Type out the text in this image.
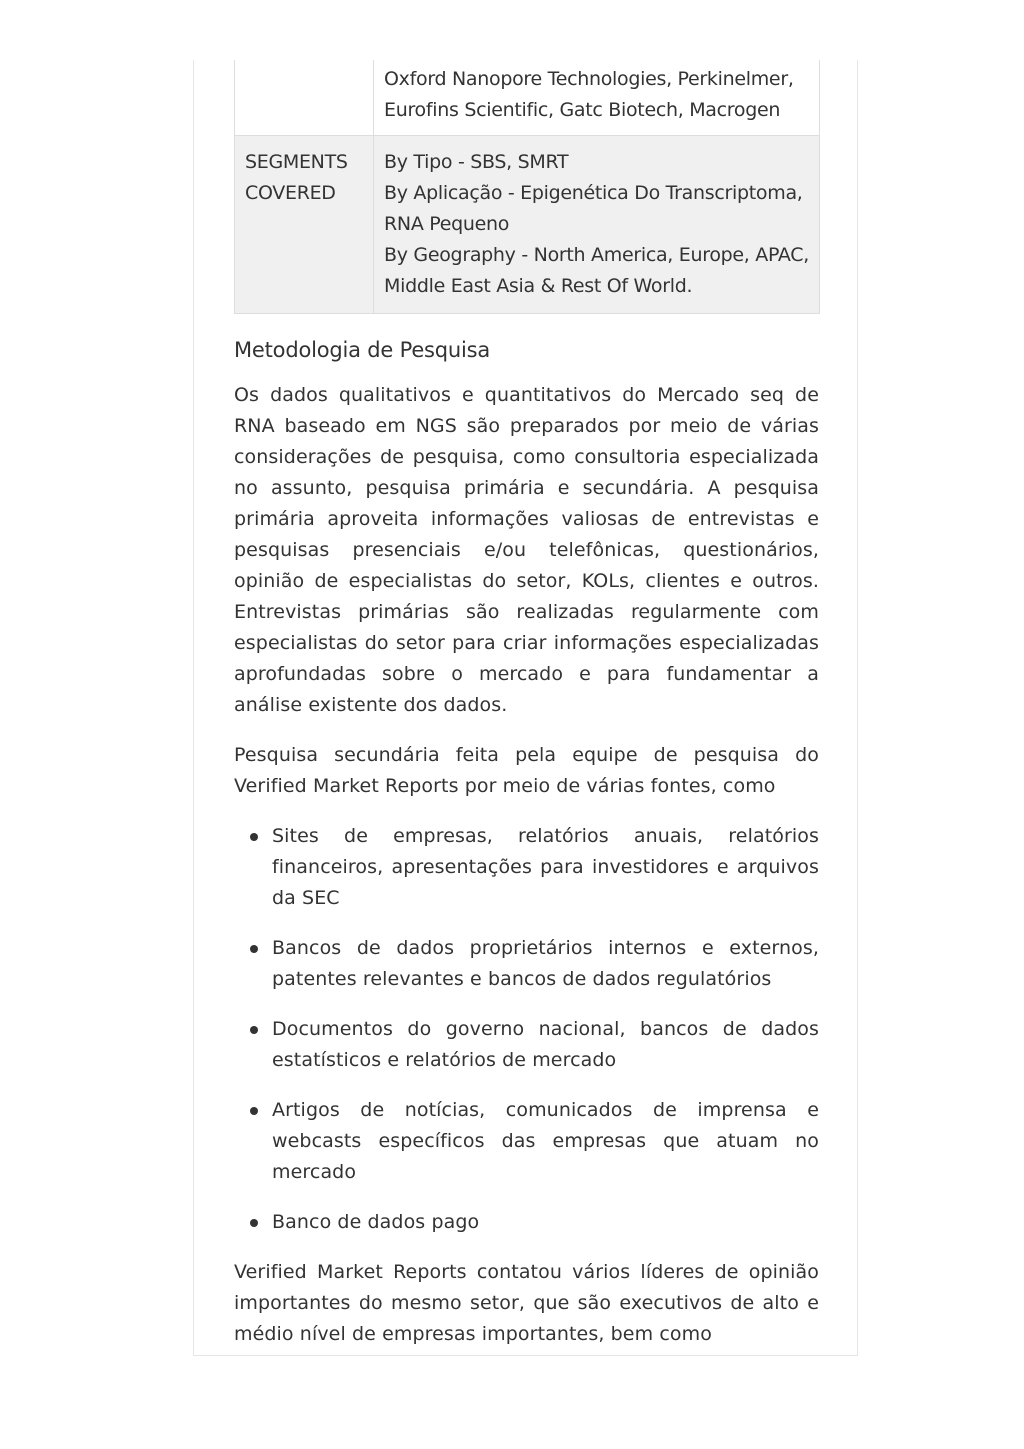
	Oxford Nanopore Technologies, Perkinelmer,
Eurofins Scientific, Gatc Biotech, Macrogen

SEGMENTS
COVERED	By Tipo - SBS, SMRT
By Aplicação - Epigenética Do Transcriptoma,
RNA Pequeno
By Geography - North America, Europe, APAC,
Middle East Asia & Rest Of World.
Metodologia de Pesquisa

Os dados qualitativos e quantitativos do Mercado seq de RNA baseado em NGS são preparados por meio de várias considerações de pesquisa, como consultoria especializada no assunto, pesquisa primária e secundária. A pesquisa primária aproveita informações valiosas de entrevistas e pesquisas presenciais e/ou telefônicas, questionários, opinião de especialistas do setor, KOLs, clientes e outros. Entrevistas primárias são realizadas regularmente com especialistas do setor para criar informações especializadas aprofundadas sobre o mercado e para fundamentar a análise existente dos dados.

Pesquisa secundária feita pela equipe de pesquisa do Verified Market Reports por meio de várias fontes, como

Sites de empresas, relatórios anuais, relatórios financeiros, apresentações para investidores e arquivos da SEC
Bancos de dados proprietários internos e externos, patentes relevantes e bancos de dados regulatórios
Documentos do governo nacional, bancos de dados estatísticos e relatórios de mercado
Artigos de notícias, comunicados de imprensa e webcasts específicos das empresas que atuam no mercado
Banco de dados pago

Verified Market Reports contatou vários líderes de opinião importantes do mesmo setor, que são executivos de alto e médio nível de empresas importantes, bem como
